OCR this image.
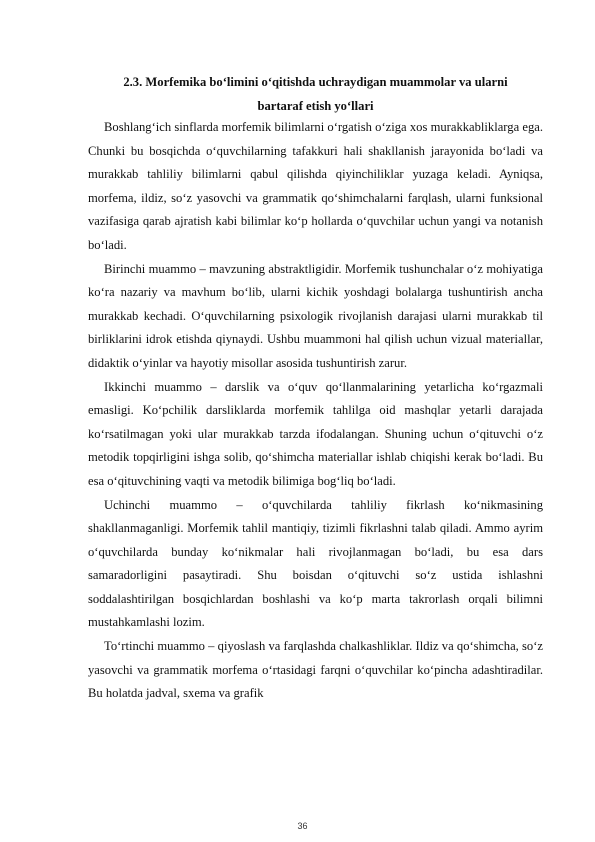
2.3. Morfemika bo‘limini o‘qitishda uchraydigan muammolar va ularni
bartaraf etish yo‘llari

Boshlang‘ich sinflarda morfemik bilimlarni o‘rgatish o‘ziga xos murakkabliklarga ega. Chunki bu bosqichda o‘quvchilarning tafakkuri hali shakllanish jarayonida bo‘ladi va murakkab tahliliy bilimlarni qabul qilishda qiyinchiliklar yuzaga keladi. Ayniqsa, morfema, ildiz, so‘z yasovchi va grammatik qo‘shimchalarni farqlash, ularni funksional vazifasiga qarab ajratish kabi bilimlar ko‘p hollarda o‘quvchilar uchun yangi va notanish bo‘ladi.

Birinchi muammo – mavzuning abstraktligidir. Morfemik tushunchalar o‘z mohiyatiga ko‘ra nazariy va mavhum bo‘lib, ularni kichik yoshdagi bolalarga tushuntirish ancha murakkab kechadi. O‘quvchilarning psixologik rivojlanish darajasi ularni murakkab til birliklarini idrok etishda qiynaydi. Ushbu muammoni hal qilish uchun vizual materiallar, didaktik o‘yinlar va hayotiy misollar asosida tushuntirish zarur.

Ikkinchi muammo – darslik va o‘quv qo‘llanmalarining yetarlicha ko‘rgazmali emasligi. Ko‘pchilik darsliklarda morfemik tahlilga oid mashqlar yetarli darajada ko‘rsatilmagan yoki ular murakkab tarzda ifodalangan. Shuning uchun o‘qituvchi o‘z metodik topqirligini ishga solib, qo‘shimcha materiallar ishlab chiqishi kerak bo‘ladi. Bu esa o‘qituvchining vaqti va metodik bilimiga bog‘liq bo‘ladi.

Uchinchi muammo – o‘quvchilarda tahliliy fikrlash ko‘nikmasining shakllanmaganligi. Morfemik tahlil mantiqiy, tizimli fikrlashni talab qiladi. Ammo ayrim o‘quvchilarda bunday ko‘nikmalar hali rivojlanmagan bo‘ladi, bu esa dars samaradorligini pasaytiradi. Shu boisdan o‘qituvchi so‘z ustida ishlashni soddalashtirilgan bosqichlardan boshlashi va ko‘p marta takrorlash orqali bilimni mustahkamlashi lozim.

To‘rtinchi muammo – qiyoslash va farqlashda chalkashliklar. Ildiz va qo‘shimcha, so‘z yasovchi va grammatik morfema o‘rtasidagi farqni o‘quvchilar ko‘pincha adashtiradilar. Bu holatda jadval, sxema va grafik

36
